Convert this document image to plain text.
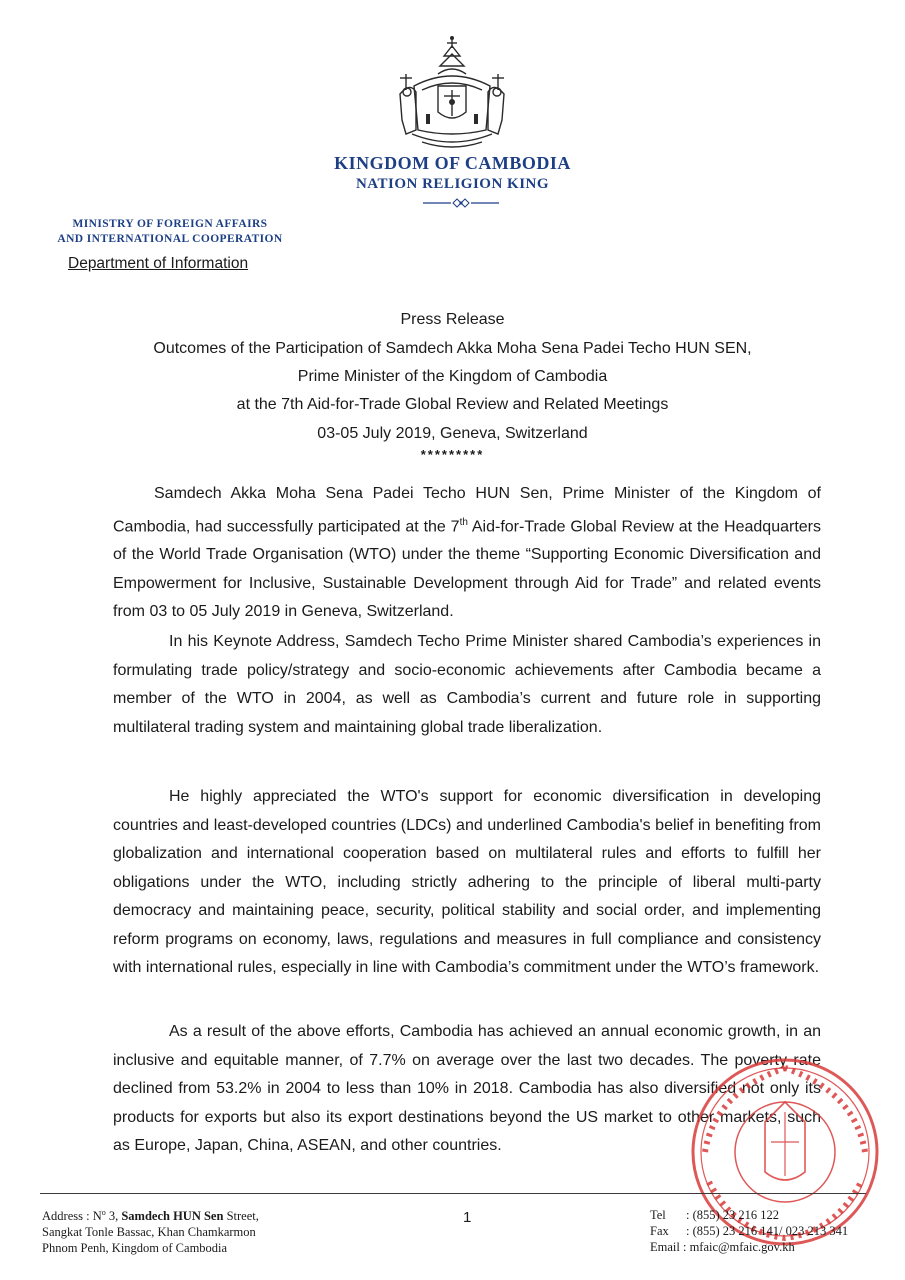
KINGDOM OF CAMBODIA
NATION RELIGION KING
MINISTRY OF FOREIGN AFFAIRS
AND INTERNATIONAL COOPERATION
Department of Information
Press Release
Outcomes of the Participation of Samdech Akka Moha Sena Padei Techo HUN SEN,
Prime Minister of the Kingdom of Cambodia
at the 7th Aid-for-Trade Global Review and Related Meetings
03-05 July 2019, Geneva, Switzerland
*********
Samdech Akka Moha Sena Padei Techo HUN Sen, Prime Minister of the Kingdom of Cambodia, had successfully participated at the 7th Aid-for-Trade Global Review at the Headquarters of the World Trade Organisation (WTO) under the theme “Supporting Economic Diversification and Empowerment for Inclusive, Sustainable Development through Aid for Trade” and related events from 03 to 05 July 2019 in Geneva, Switzerland.
In his Keynote Address, Samdech Techo Prime Minister shared Cambodia’s experiences in formulating trade policy/strategy and socio-economic achievements after Cambodia became a member of the WTO in 2004, as well as Cambodia’s current and future role in supporting multilateral trading system and maintaining global trade liberalization.
He highly appreciated the WTO's support for economic diversification in developing countries and least-developed countries (LDCs) and underlined Cambodia's belief in benefiting from globalization and international cooperation based on multilateral rules and efforts to fulfill her obligations under the WTO, including strictly adhering to the principle of liberal multi-party democracy and maintaining peace, security, political stability and social order, and implementing reform programs on economy, laws, regulations and measures in full compliance and consistency with international rules, especially in line with Cambodia’s commitment under the WTO’s framework.
As a result of the above efforts, Cambodia has achieved an annual economic growth, in an inclusive and equitable manner, of 7.7% on average over the last two decades. The poverty rate declined from 53.2% in 2004 to less than 10% in 2018. Cambodia has also diversified not only its products for exports but also its export destinations beyond the US market to other markets, such as Europe, Japan, China, ASEAN, and other countries.
Address : $N^o$ 3, Samdech HUN Sen Street,
Sangkat Tonle Bassac, Khan Chamkarmon
Phnom Penh, Kingdom of Cambodia
1	Tel : (855) 23 216 122
Fax : (855) 23 216 141/ 023 213 341
Email : mfaic@mfaic.gov.kh
